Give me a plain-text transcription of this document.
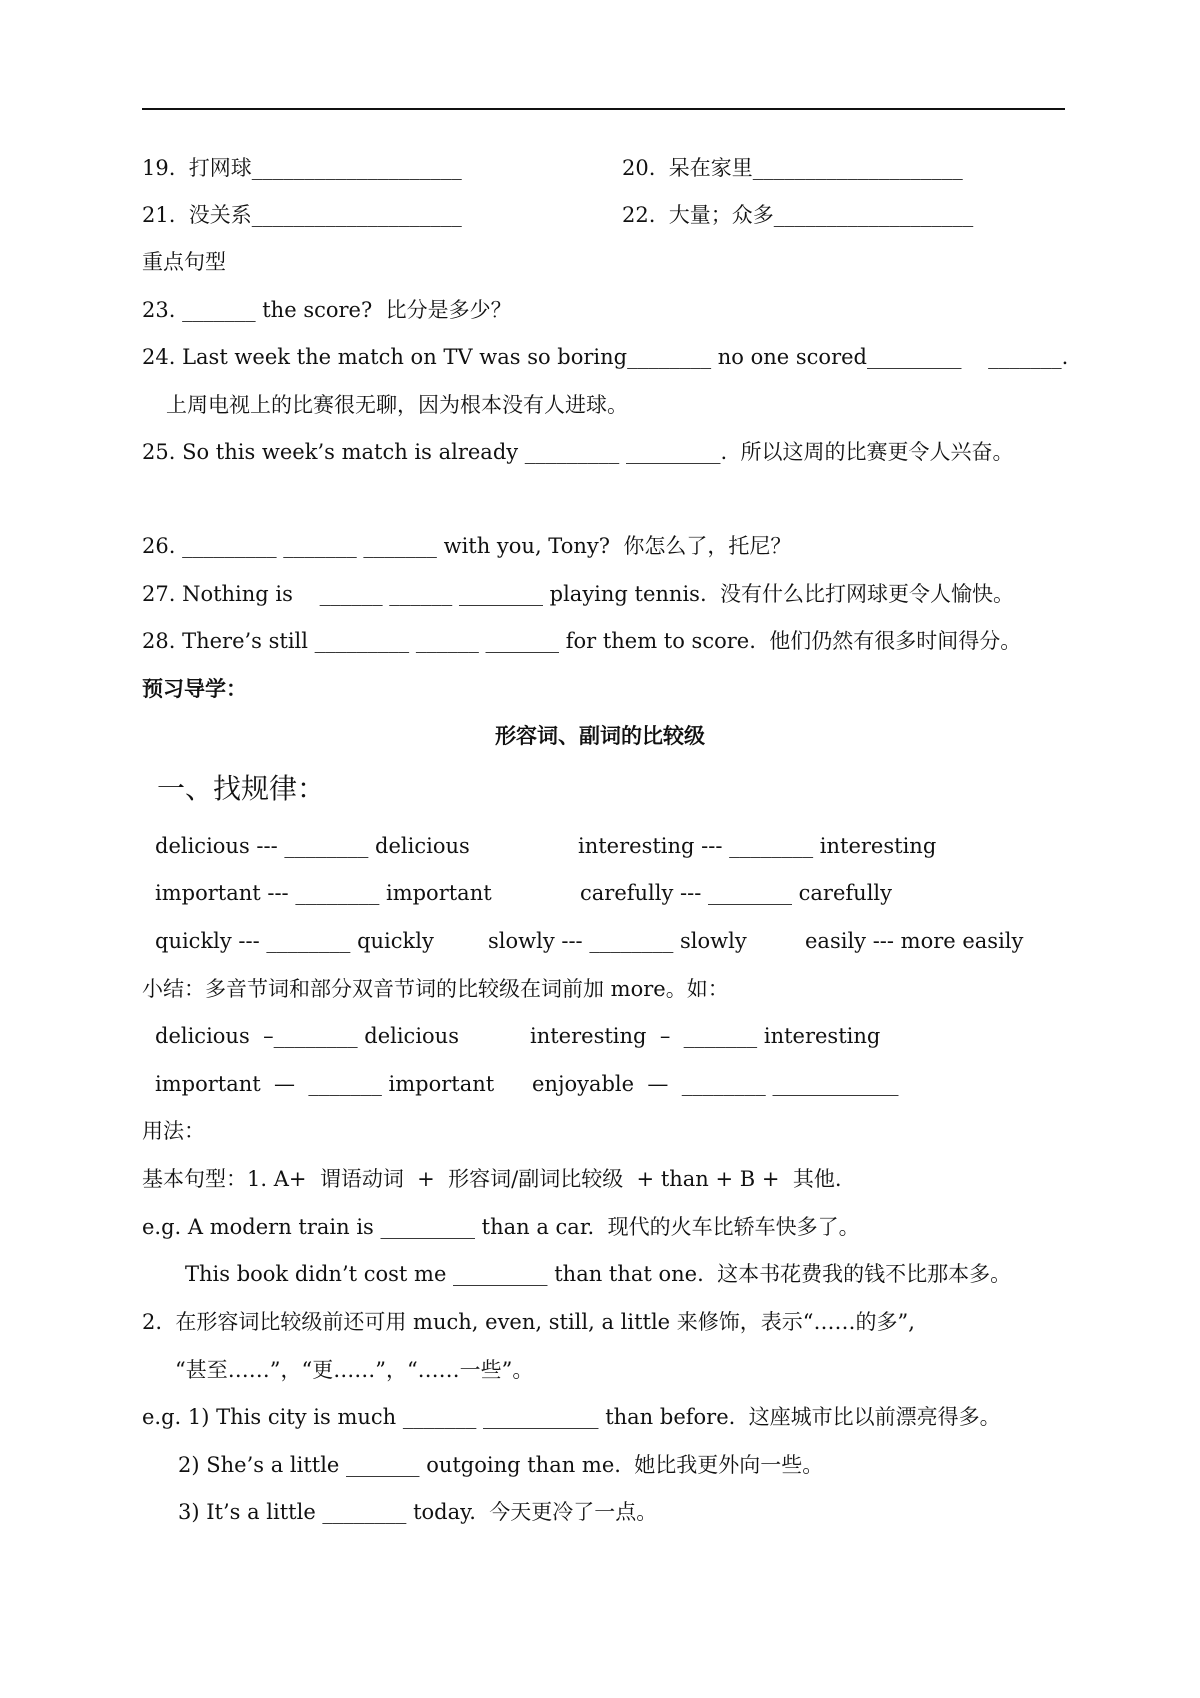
19.  打网球____________________	20.  呆在家里____________________
21.  没关系____________________	22.  大量；众多___________________
重点句型
23. _______ the score?  比分是多少？
24. Last week the match on TV was so boring________ no one scored_________    _______.
上周电视上的比赛很无聊，因为根本没有人进球。
25. So this week’s match is already _________ _________.  所以这周的比赛更令人兴奋。
26. _________ _______ _______ with you, Tony?  你怎么了，托尼？
27. Nothing is    ______ ______ ________ playing tennis.  没有什么比打网球更令人愉快。
28. There’s still _________ ______ _______ for them to score.  他们仍然有很多时间得分。
预习导学：
形容词、副词的比较级
一、找规律：
delicious --- ________ delicious	interesting --- ________ interesting
important --- ________ important	carefully --- ________ carefully
quickly --- ________ quickly	slowly --- ________ slowly	easily --- more easily
小结：多音节词和部分双音节词的比较级在词前加 more。如：
delicious  –________ delicious	interesting  –  _______ interesting
important  —  _______ important enjoyable  —  ________ ____________
用法：
基本句型：1. A+  谓语动词  +  形容词/副词比较级  + than + B +  其他.
e.g. A modern train is _________ than a car.  现代的火车比轿车快多了。
This book didn’t cost me _________ than that one.  这本书花费我的钱不比那本多。
2.  在形容词比较级前还可用 much, even, still, a little 来修饰，表示“……的多”,
“甚至……”，“更……”，“……一些”。
e.g. 1) This city is much _______ ___________ than before.  这座城市比以前漂亮得多。
2) She’s a little _______ outgoing than me.  她比我更外向一些。
3) It’s a little ________ today.  今天更冷了一点。
